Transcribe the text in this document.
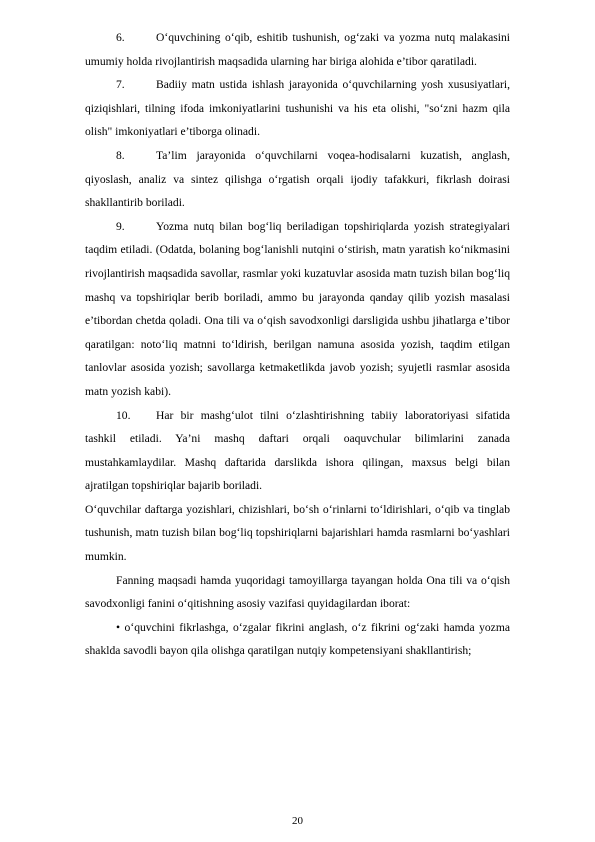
6.	O‘quvchining o‘qib, eshitib tushunish, og‘zaki va yozma nutq malakasini umumiy holda rivojlantirish maqsadida ularning har biriga alohida e’tibor qaratiladi.

7.	Badiiy matn ustida ishlash jarayonida o‘quvchilarning yosh xususiyatlari, qiziqishlari, tilning ifoda imkoniyatlarini tushunishi va his eta olishi, "so‘zni hazm qila olish" imkoniyatlari e’tiborga olinadi.

8.	Ta’lim jarayonida o‘quvchilarni voqea-hodisalarni kuzatish, anglash, qiyoslash, analiz va sintez qilishga o‘rgatish orqali ijodiy tafakkuri, fikrlash doirasi shakllantirib boriladi.

9.	Yozma nutq bilan bog‘liq beriladigan topshiriqlarda yozish strategiyalari taqdim etiladi. (Odatda, bolaning bog‘lanishli nutqini o‘stirish, matn yaratish ko‘nikmasini rivojlantirish maqsadida savollar, rasmlar yoki kuzatuvlar asosida matn tuzish bilan bog‘liq mashq va topshiriqlar berib boriladi, ammo bu jarayonda qanday qilib yozish masalasi e’tibordan chetda qoladi. Ona tili va o‘qish savodxonligi darsligida ushbu jihatlarga e’tibor qaratilgan: noto‘liq matnni to‘ldirish, berilgan namuna asosida yozish, taqdim etilgan tanlovlar asosida yozish; savollarga ketmaketlikda javob yozish; syujetli rasmlar asosida matn yozish kabi).

10. Har bir mashg‘ulot tilni o‘zlashtirishning tabiiy laboratoriyasi sifatida tashkil etiladi. Ya’ni mashq daftari orqali oaquvchular bilimlarini zanada mustahkamlaydilar. Mashq daftarida darslikda ishora qilingan, maxsus belgi bilan ajratilgan topshiriqlar bajarib boriladi.

O‘quvchilar daftarga yozishlari, chizishlari, bo‘sh o‘rinlarni to‘ldirishlari, o‘qib va tinglab tushunish, matn tuzish bilan bog‘liq topshiriqlarni bajarishlari hamda rasmlarni bo‘yashlari mumkin.

Fanning maqsadi hamda yuqoridagi tamoyillarga tayangan holda Ona tili va o‘qish savodxonligi fanini o‘qitishning asosiy vazifasi quyidagilardan iborat:

• o‘quvchini fikrlashga, o‘zgalar fikrini anglash, o‘z fikrini og‘zaki hamda yozma shaklda savodli bayon qila olishga qaratilgan nutqiy kompetensiyani shakllantirish;

20
